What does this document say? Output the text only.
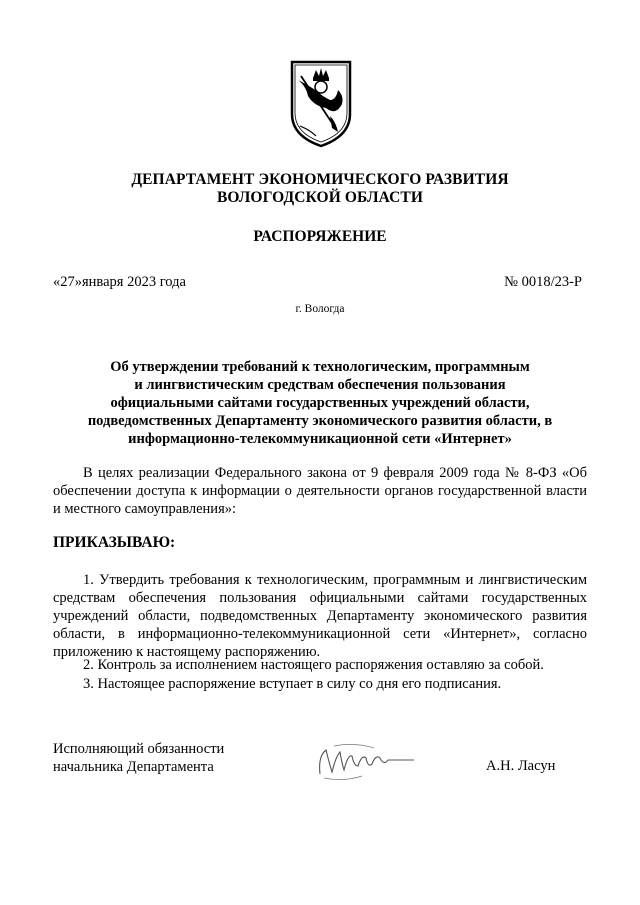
ДЕПАРТАМЕНТ ЭКОНОМИЧЕСКОГО РАЗВИТИЯ
ВОЛОГОДСКОЙ ОБЛАСТИ
РАСПОРЯЖЕНИЕ
«27»января 2023 года	№ 0018/23-Р
г. Вологда
Об утверждении требований к технологическим, программным
и лингвистическим средствам обеспечения пользования
официальными сайтами государственных учреждений области,
подведомственных Департаменту экономического развития области, в
информационно-телекоммуникационной сети «Интернет»

В целях реализации Федерального закона от 9 февраля 2009 года № 8-ФЗ «Об обеспечении доступа к информации о деятельности органов государственной власти и местного самоуправления»:

ПРИКАЗЫВАЮ:

1. Утвердить требования к технологическим, программным и лингвистическим средствам обеспечения пользования официальными сайтами государственных учреждений области, подведомственных Департаменту экономического развития области, в информационно-телекоммуникационной сети «Интернет», согласно приложению к настоящему распоряжению.

2. Контроль за исполнением настоящего распоряжения оставляю за собой.

3. Настоящее распоряжение вступает в силу со дня его подписания.

Исполняющий обязанности
начальника Департамента	А.Н. Ласун
